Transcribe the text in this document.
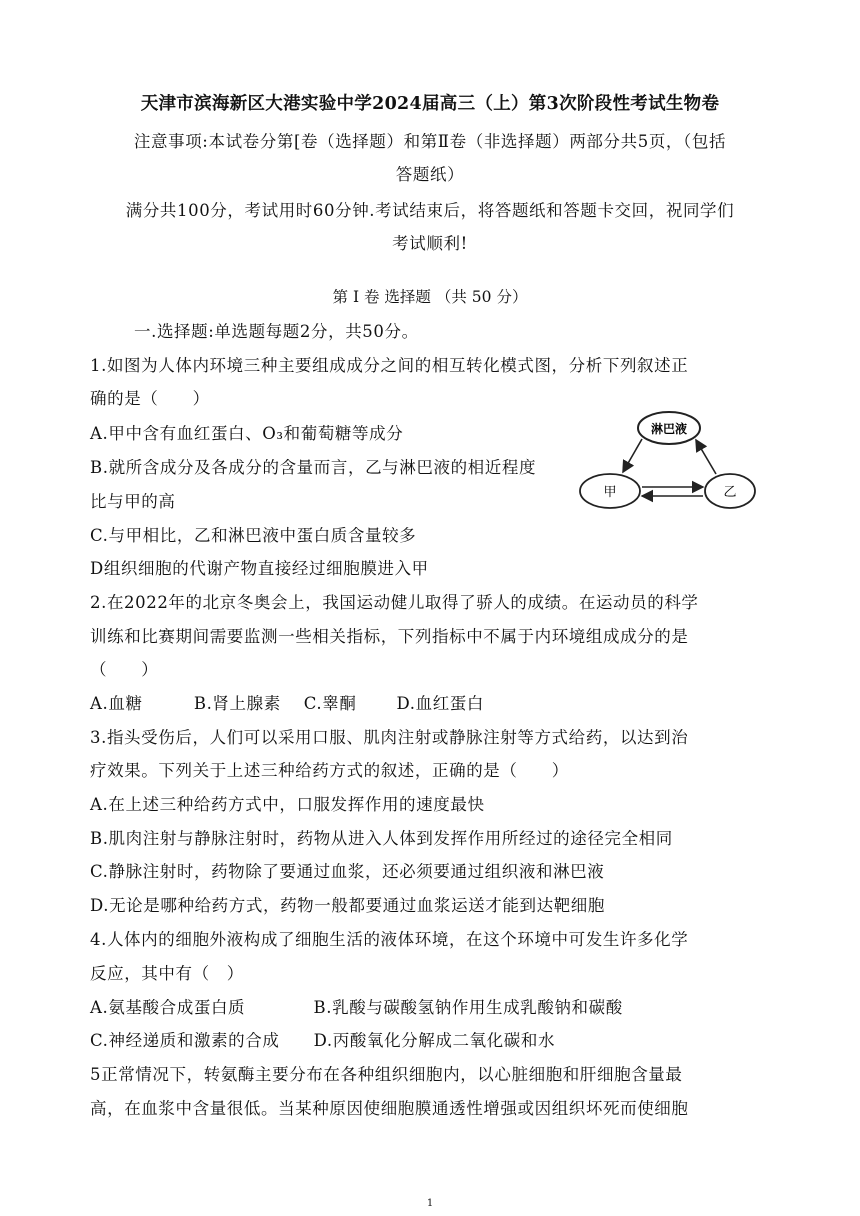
天津市滨海新区大港实验中学2024届高三（上）第3次阶段性考试生物卷
注意事项:本试卷分第[卷（选择题）和第Ⅱ卷（非选择题）两部分共5页，（包括
答题纸）
满分共100分，考试用时60分钟.考试结束后，将答题纸和答题卡交回，祝同学们
考试顺利!
第 I 卷 选择题 （共 50 分）
一.选择题:单选题每题2分，共50分。
1.如图为人体内环境三种主要组成成分之间的相互转化模式图，分析下列叙述正
确的是（　　）
A.甲中含有血红蛋白、O₃和葡萄糖等成分
B.就所含成分及各成分的含量而言，乙与淋巴液的相近程度
比与甲的高
C.与甲相比，乙和淋巴液中蛋白质含量较多
D组织细胞的代谢产物直接经过细胞膜进入甲
淋巴液
甲	乙
2.在2022年的北京冬奥会上，我国运动健儿取得了骄人的成绩。在运动员的科学
训练和比赛期间需要监测一些相关指标，下列指标中不属于内环境组成成分的是
（　　）
A.血糖　　　B.肾上腺素　 C.睾酮　　 D.血红蛋白
3.指头受伤后，人们可以采用口服、肌肉注射或静脉注射等方式给药，以达到治
疗效果。下列关于上述三种给药方式的叙述，正确的是（　　）
A.在上述三种给药方式中，口服发挥作用的速度最快
B.肌肉注射与静脉注射时，药物从进入人体到发挥作用所经过的途径完全相同
C.静脉注射时，药物除了要通过血浆，还必须要通过组织液和淋巴液
D.无论是哪种给药方式，药物一般都要通过血浆运送才能到达靶细胞
4.人体内的细胞外液构成了细胞生活的液体环境，在这个环境中可发生许多化学
反应，其中有（　）
A.氨基酸合成蛋白质　　　　B.乳酸与碳酸氢钠作用生成乳酸钠和碳酸
C.神经递质和激素的合成　　D.丙酸氧化分解成二氧化碳和水
5正常情况下，转氨酶主要分布在各种组织细胞内，以心脏细胞和肝细胞含量最
高，在血浆中含量很低。当某种原因使细胞膜通透性增强或因组织坏死而使细胞
1
